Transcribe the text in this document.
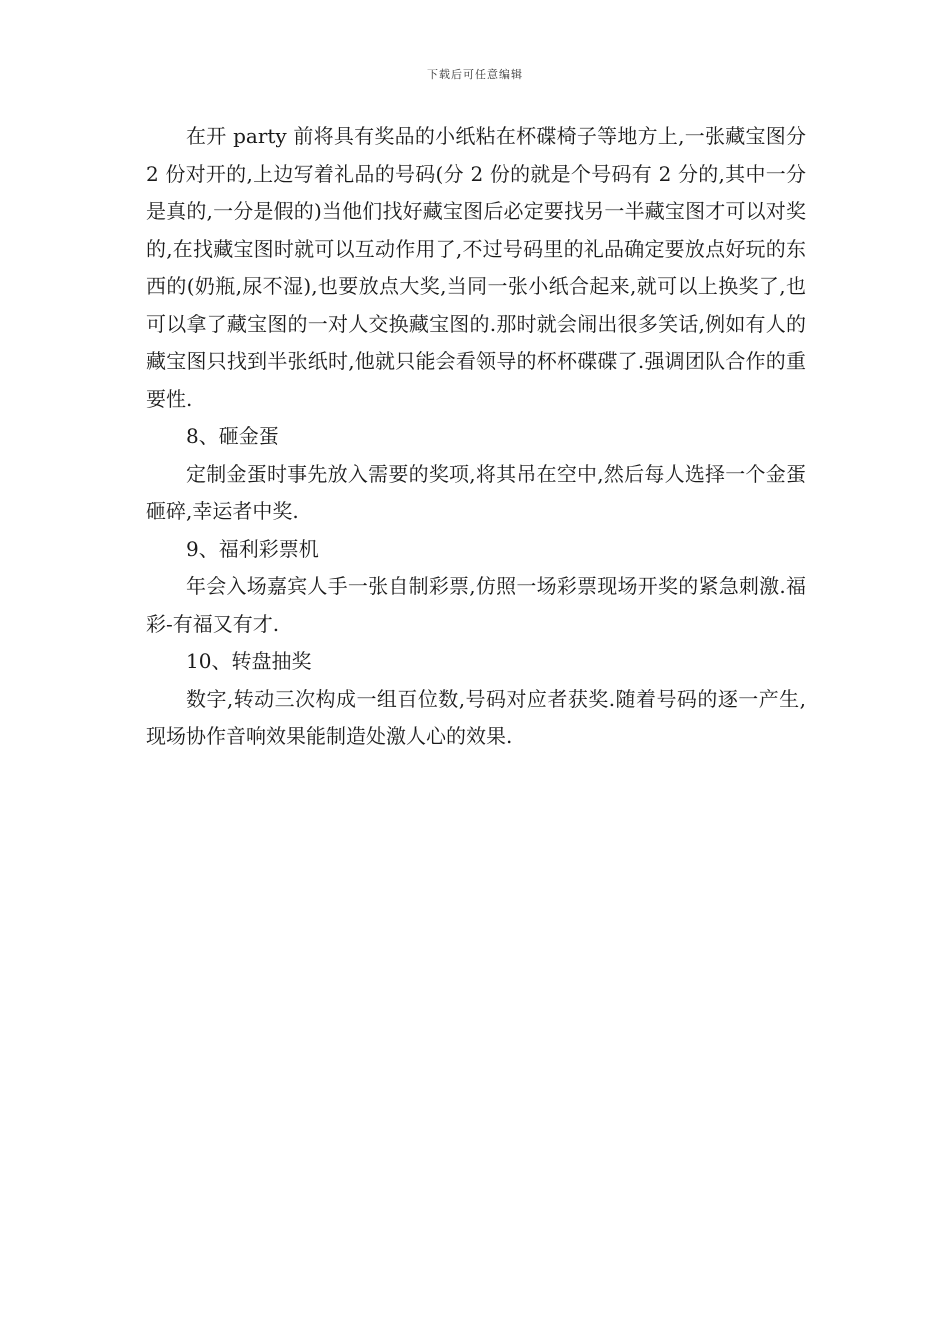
下载后可任意编辑

在开 party 前将具有奖品的小纸粘在杯碟椅子等地方上,一张藏宝图分 2 份对开的,上边写着礼品的号码(分 2 份的就是个号码有 2 分的,其中一分是真的,一分是假的)当他们找好藏宝图后必定要找另一半藏宝图才可以对奖的,在找藏宝图时就可以互动作用了,不过号码里的礼品确定要放点好玩的东西的(奶瓶,尿不湿),也要放点大奖,当同一张小纸合起来,就可以上换奖了,也可以拿了藏宝图的一对人交换藏宝图的.那时就会闹出很多笑话,例如有人的藏宝图只找到半张纸时,他就只能会看领导的杯杯碟碟了.强调团队合作的重要性.

8、砸金蛋

定制金蛋时事先放入需要的奖项,将其吊在空中,然后每人选择一个金蛋砸碎,幸运者中奖.

9、福利彩票机

年会入场嘉宾人手一张自制彩票,仿照一场彩票现场开奖的紧急刺激.福彩-有福又有才.

10、转盘抽奖

数字,转动三次构成一组百位数,号码对应者获奖.随着号码的逐一产生,现场协作音响效果能制造处激人心的效果.
